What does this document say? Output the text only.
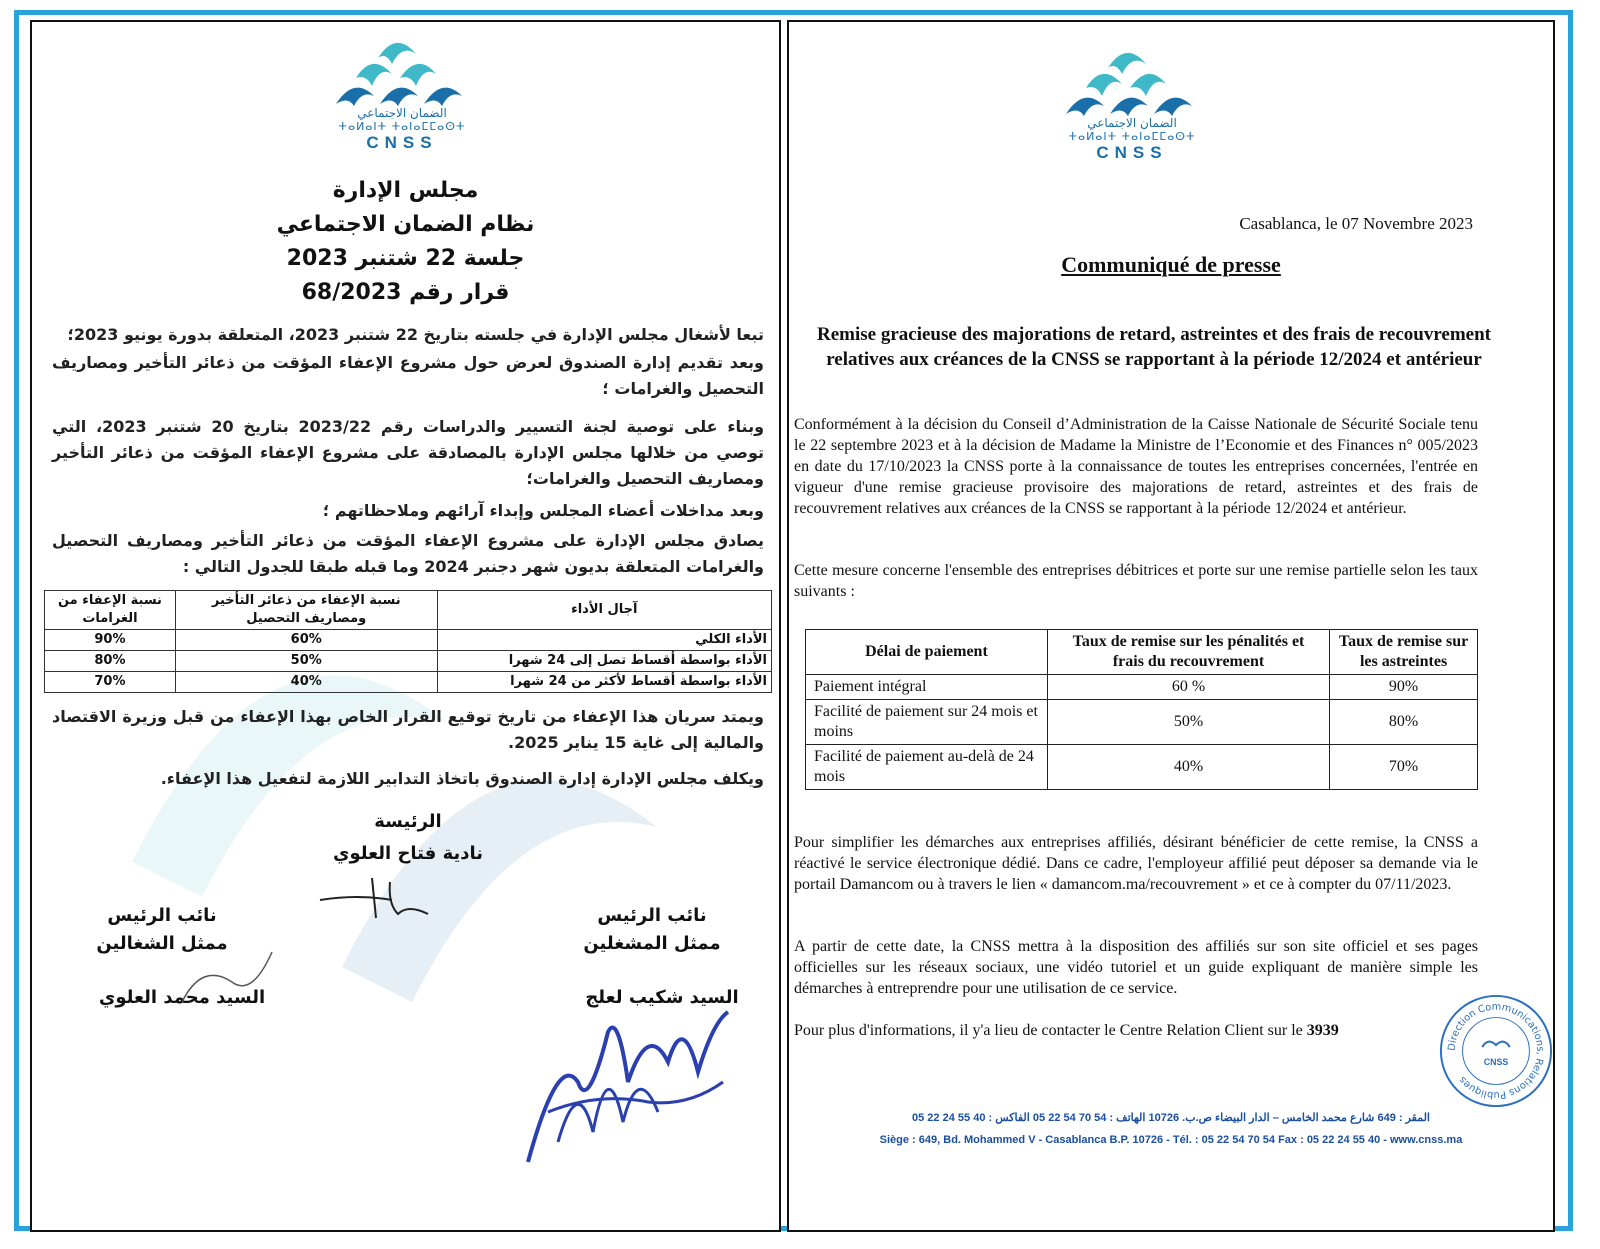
الضمان الاجتماعي
ⵜⴰⵍⴰⵏⵜ ⵜⴰⵏⴰⵎⵎⴰⵙⵜ
CNSS
مجلس الإدارة
نظام الضمان الاجتماعي
جلسة 22 شتنبر 2023
قرار رقم 68/2023
تبعا لأشغال مجلس الإدارة في جلسته بتاريخ 22 شتنبر 2023، المتعلقة بدورة يونيو 2023؛
وبعد تقديم إدارة الصندوق لعرض حول مشروع الإعفاء المؤقت من ذعائر التأخير ومصاريف التحصيل والغرامات ؛
وبناء على توصية لجنة التسيير والدراسات رقم 2023/22 بتاريخ 20 شتنبر 2023، التي توصي من خلالها مجلس الإدارة بالمصادقة على مشروع الإعفاء المؤقت من ذعائر التأخير ومصاريف التحصيل والغرامات؛
وبعد مداخلات أعضاء المجلس وإبداء آرائهم وملاحظاتهم ؛
يصادق مجلس الإدارة على مشروع الإعفاء المؤقت من ذعائر التأخير ومصاريف التحصيل والغرامات المتعلقة بديون شهر دجنبر 2024 وما قبله طبقا للجدول التالي :
آجال الأداء	نسبة الإعفاء من ذعائر التأخير ومصاريف التحصيل	نسبة الإعفاء من الغرامات
الأداء الكلي	60%	90%
الأداء بواسطة أقساط تصل إلى 24 شهرا	50%	80%
الأداء بواسطة أقساط لأكثر من 24 شهرا	40%	70%
ويمتد سريان هذا الإعفاء من تاريخ توقيع القرار الخاص بهذا الإعفاء من قبل وزيرة الاقتصاد والمالية إلى غاية 15 يناير 2025.
ويكلف مجلس الإدارة إدارة الصندوق باتخاذ التدابير اللازمة لتفعيل هذا الإعفاء.
الرئيسة
نادية فتاح العلوي
نائب الرئيس
ممثل الشغالين
السيد محمد العلوي
نائب الرئيس
ممثل المشغلين
السيد شكيب لعلج
الضمان الاجتماعي
ⵜⴰⵍⴰⵏⵜ ⵜⴰⵏⴰⵎⵎⴰⵙⵜ
CNSS
Casablanca, le 07 Novembre 2023
Communiqué de presse
Remise gracieuse des majorations de retard, astreintes et des frais de recouvrement relatives aux créances de la CNSS se rapportant à la période 12/2024 et antérieur
Conformément à la décision du Conseil d’Administration de la Caisse Nationale de Sécurité Sociale tenu le 22 septembre 2023 et à la décision de Madame la Ministre de l’Economie et des Finances n° 005/2023 en date du 17/10/2023 la CNSS porte à la connaissance de toutes les entreprises concernées, l'entrée en vigueur d'une remise gracieuse provisoire des majorations de retard, astreintes et des frais de recouvrement relatives aux créances de la CNSS se rapportant à la période 12/2024 et antérieur.
Cette mesure concerne l'ensemble des entreprises débitrices et porte sur une remise partielle selon les taux suivants :
Délai de paiement	Taux de remise sur les pénalités et frais du recouvrement	Taux de remise sur les astreintes
Paiement intégral	60 %	90%
Facilité de paiement sur 24 mois et moins	50%	80%
Facilité de paiement au-delà de 24 mois	40%	70%
Pour simplifier les démarches aux entreprises affiliés, désirant bénéficier de cette remise, la CNSS a réactivé le service électronique dédié. Dans ce cadre, l'employeur affilié peut déposer sa demande via le portail Damancom ou à travers le lien « damancom.ma/recouvrement » et ce à compter du 07/11/2023.
A partir de cette date, la CNSS mettra à la disposition des affiliés sur son site officiel et ses pages officielles sur les réseaux sociaux, une vidéo tutoriel et un guide expliquant de manière simple les démarches à entreprendre pour une utilisation de ce service.
Pour plus d'informations, il y'a lieu de contacter le Centre Relation Client sur le 3939
Direction Communications, Relations Publiques
CNSS
المقر : 649 شارع محمد الخامس – الدار البيضاء ص.ب. 10726 الهاتف : 54 70 54 22 05 الفاكس : 40 55 24 22 05
Siège : 649, Bd. Mohammed V - Casablanca B.P. 10726 - Tél. : 05 22 54 70 54 Fax : 05 22 24 55 40 - www.cnss.ma
